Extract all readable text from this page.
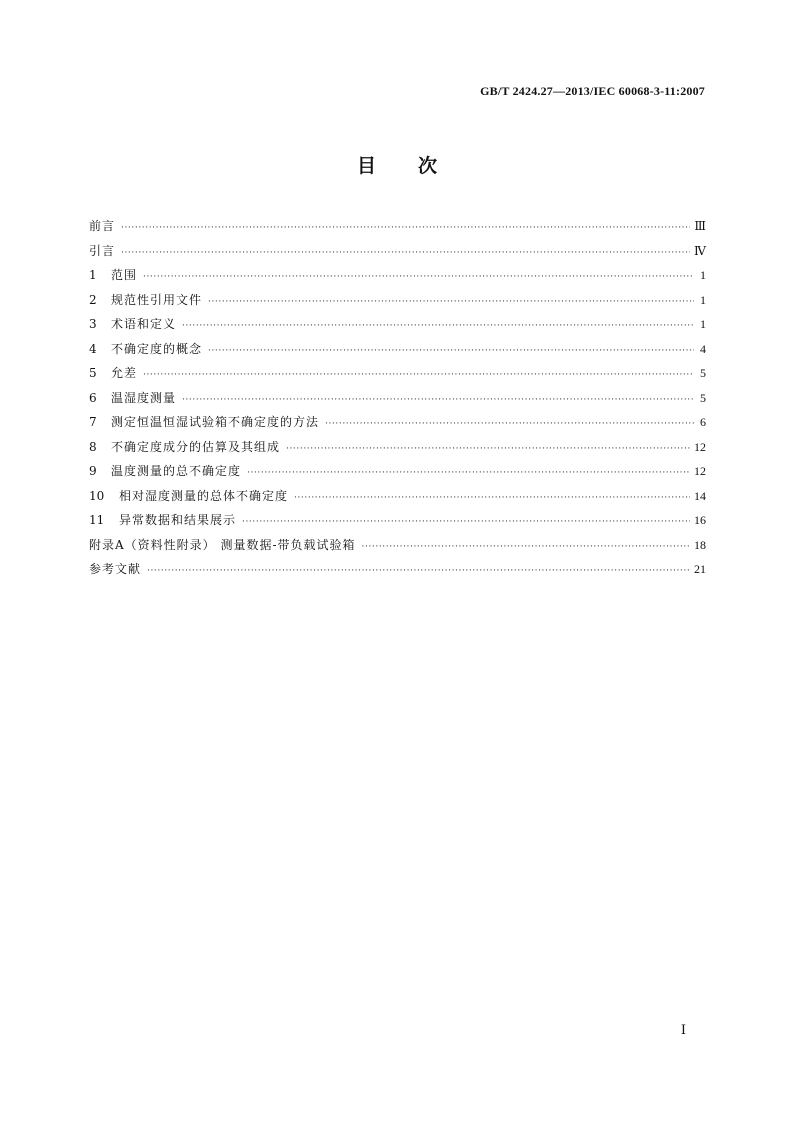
GB/T 2424.27—2013/IEC 60068-3-11:2007
目次
前言 ·····	Ⅲ
引言 ·····	Ⅳ
1	范围 ·····	1
2	规范性引用文件 ·····	1
3	术语和定义 ·····	1
4	不确定度的概念 ·····	4
5	允差 ·····	5
6	温湿度测量 ·····	5
7	测定恒温恒湿试验箱不确定度的方法 ·····	6
8	不确定度成分的估算及其组成 ·····	12
9	温度测量的总不确定度 ·····	12
10	相对湿度测量的总体不确定度 ·····	14
11	异常数据和结果展示 ·····	16
附录A（资料性附录） 测量数据-带负载试验箱 ·····	18
参考文献 ·····	21
Ⅰ
